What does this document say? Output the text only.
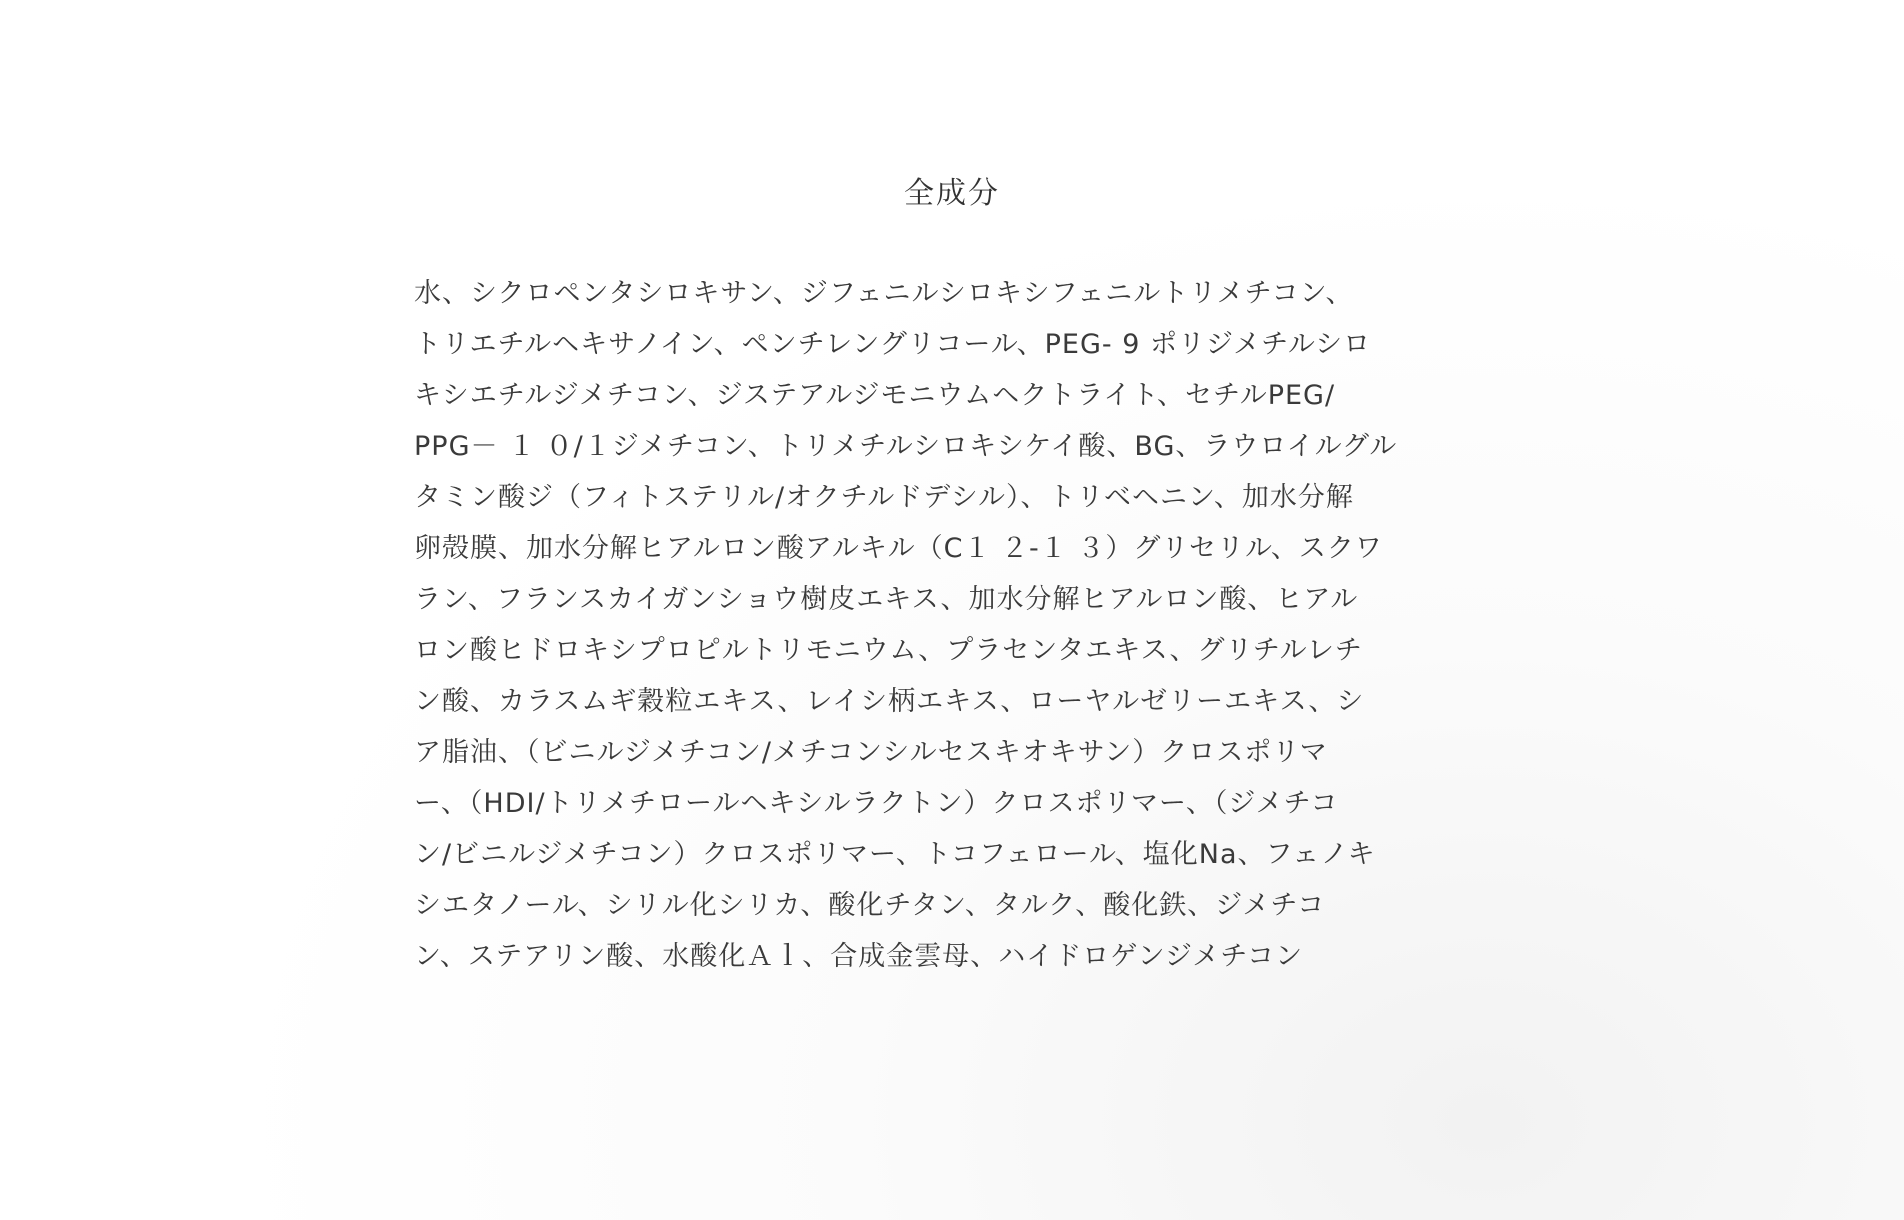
全成分
水、シクロペンタシロキサン、ジフェニルシロキシフェニルトリメチコン、
トリエチルヘキサノイン、ペンチレングリコール、PEG- 9 ポリジメチルシロ
キシエチルジメチコン、ジステアルジモニウムヘクトライト、セチルPEG/
PPG－ １ ０/１ジメチコン、トリメチルシロキシケイ酸、BG、ラウロイルグル
タミン酸ジ（フィトステリル/オクチルドデシル）、トリベヘニン、加水分解
卵殻膜、加水分解ヒアルロン酸アルキル（C１ ２-１ ３）グリセリル、スクワ
ラン、フランスカイガンショウ樹皮エキス、加水分解ヒアルロン酸、ヒアル
ロン酸ヒドロキシプロピルトリモニウム、プラセンタエキス、グリチルレチ
ン酸、カラスムギ穀粒エキス、レイシ柄エキス、ローヤルゼリーエキス、シ
ア脂油、（ビニルジメチコン/メチコンシルセスキオキサン）クロスポリマ
ー、（HDI/トリメチロールヘキシルラクトン）クロスポリマー、（ジメチコ
ン/ビニルジメチコン）クロスポリマー、トコフェロール、塩化Na、フェノキ
シエタノール、シリル化シリカ、酸化チタン、タルク、酸化鉄、ジメチコ
ン、ステアリン酸、水酸化Ａｌ、合成金雲母、ハイドロゲンジメチコン
